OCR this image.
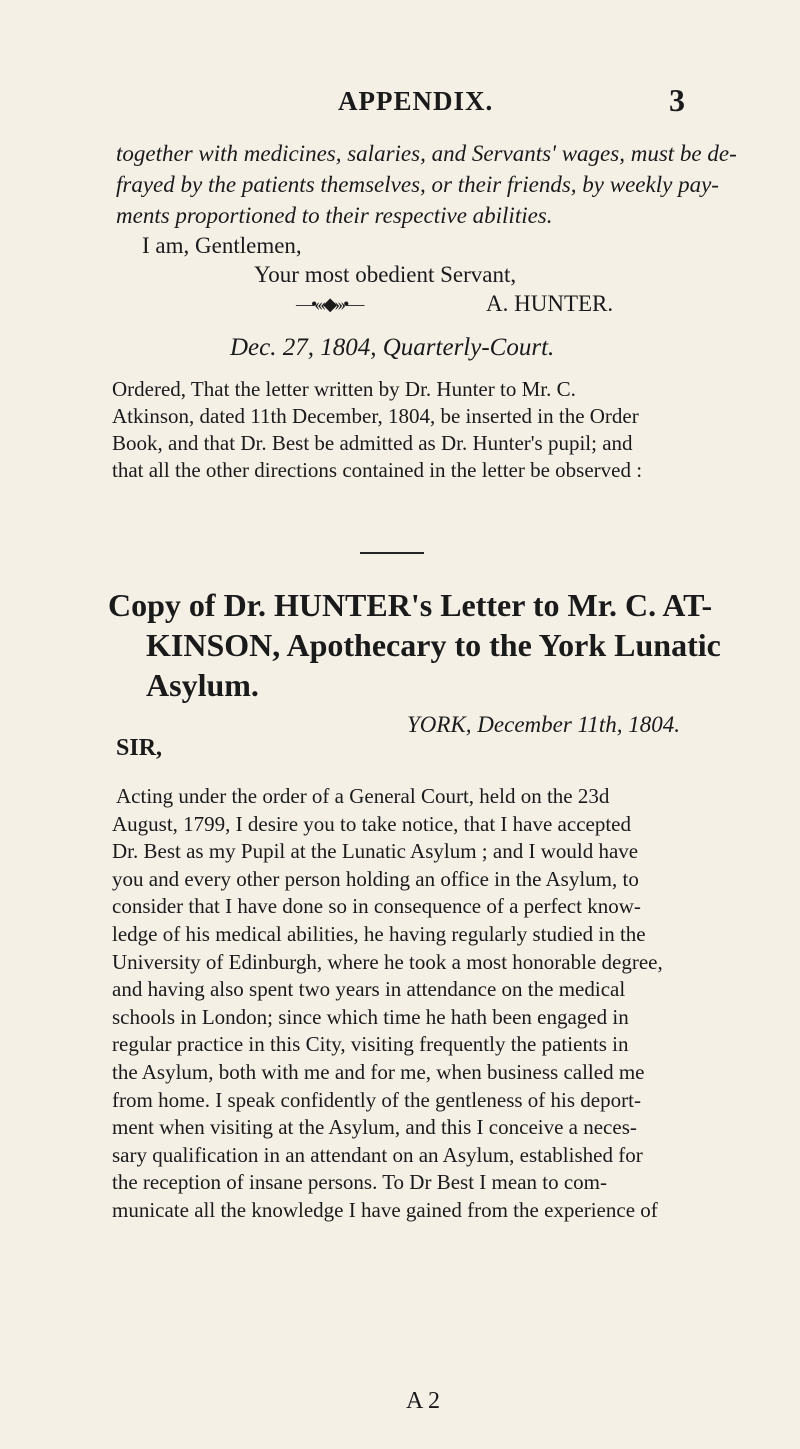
APPENDIX.	3
together with medicines, salaries, and Servants' wages, must be de-
frayed by the patients themselves, or their friends, by weekly pay-
ments proportioned to their respective abilities.
I am, Gentlemen,
Your most obedient Servant,
A. HUNTER.
—•‹‹‹◆›››•—
Dec. 27, 1804, Quarterly-Court.
Ordered, That the letter written by Dr. Hunter to Mr. C.
Atkinson, dated 11th December, 1804, be inserted in the Order
Book, and that Dr. Best be admitted as Dr. Hunter's pupil; and
that all the other directions contained in the letter be observed :
Copy of Dr. HUNTER's Letter to Mr. C. AT-
KINSON, Apothecary to the York Lunatic
Asylum.
YORK, December 11th, 1804.
SIR,
Acting under the order of a General Court, held on the 23d
August, 1799, I desire you to take notice, that I have accepted
Dr. Best as my Pupil at the Lunatic Asylum ; and I would have
you and every other person holding an office in the Asylum, to
consider that I have done so in consequence of a perfect know-
ledge of his medical abilities, he having regularly studied in the
University of Edinburgh, where he took a most honorable degree,
and having also spent two years in attendance on the medical
schools in London; since which time he hath been engaged in
regular practice in this City, visiting frequently the patients in
the Asylum, both with me and for me, when business called me
from home. I speak confidently of the gentleness of his deport-
ment when visiting at the Asylum, and this I conceive a neces-
sary qualification in an attendant on an Asylum, established for
the reception of insane persons. To Dr Best I mean to com-
municate all the knowledge I have gained from the experience of
A 2
